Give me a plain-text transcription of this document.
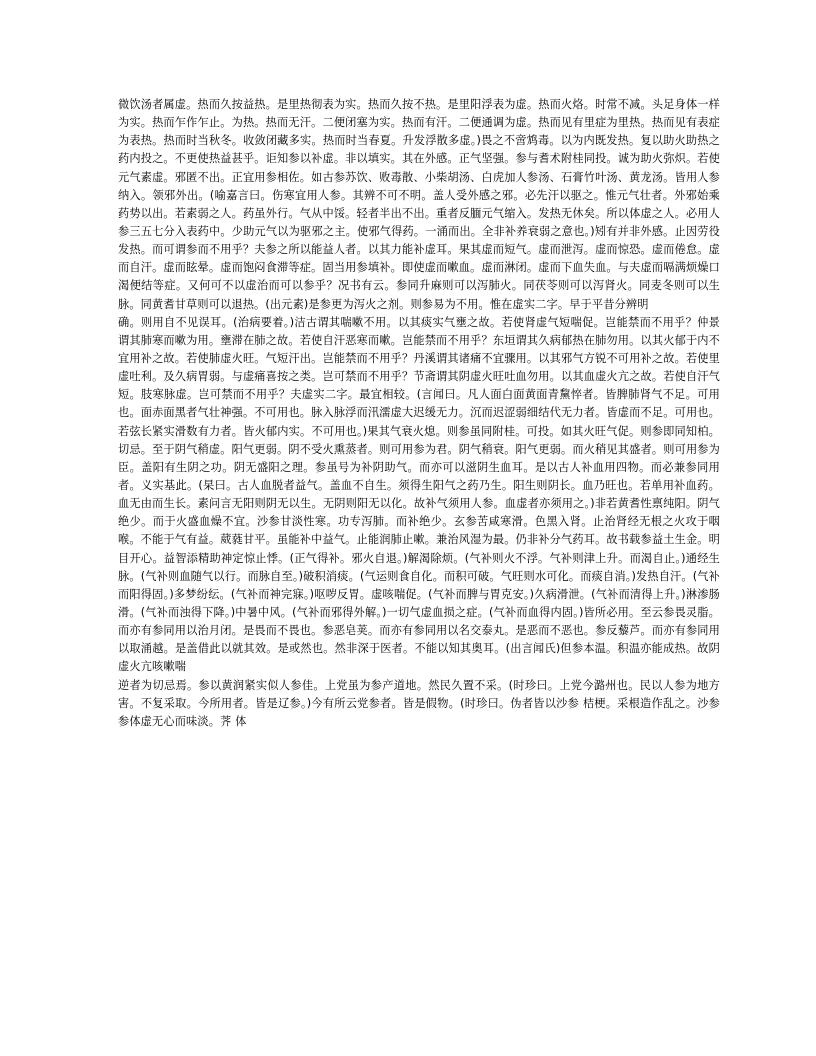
微饮汤者属虚。热而久按益热。是里热彻表为实。热而久按不热。是里阳浮表为虚。热而火烙。时常不减。头足身体一样为实。热而乍作乍止。为热。热而无汗。二便闭塞为实。热而有汗。二便通调为虚。热而见有里症为里热。热而见有表症为表热。热而时当秋冬。收敛闭藏多实。热而时当春夏。升发浮散多虚。)畏之不啻鸩毒。以为内既发热。复以助火助热之药内投之。不更使热益甚乎。讵知参以补虚。非以填实。其在外感。正气坚强。参与耆术附桂同投。诚为助火弥炽。若使元气素虚。邪匿不出。正宜用参相佐。如古参苏饮、败毒散、小柴胡汤、白虎加人参汤、石膏竹叶汤、黄龙汤。皆用人参纳入。领邪外出。(喻嘉言曰。伤寒宜用人参。其辨不可不明。盖人受外感之邪。必先汗以驱之。惟元气壮者。外邪始乘药势以出。若素弱之人。药虽外行。气从中馁。轻者半出不出。重者反腼元气缩入。发热无休矣。所以体虚之人。必用人参三五七分入表药中。少助元气以为驱邪之主。使邪气得药。一涌而出。全非补养衰弱之意也。)矧有并非外感。止因劳役发热。而可谓参而不用乎？夫参之所以能益人者。以其力能补虚耳。果其虚而短气。虚而泄泻。虚而惊恐。虚而倦怠。虚而自汗。虚而眩晕。虚而饱闷食滞等症。固当用参填补。即使虚而嗽血。虚而淋闭。虚而下血失血。与夫虚而嗝满烦燥口渴便结等症。又何可不以虚治而可以参乎？况书有云。参同升麻则可以泻肺火。同茯苓则可以泻肾火。同麦冬则可以生脉。同黄耆甘草则可以退热。(出元素)是参更为泻火之剂。则参易为不用。惟在虚实二字。早于平昔分辨明

确。则用自不见误耳。(治病要着。)洁古谓其喘嗽不用。以其痰实气壅之故。若使肾虚气短喘促。岂能禁而不用乎？仲景谓其肺寒而嗽为用。壅滞在肺之故。若使自汗恶寒而嗽。岂能禁而不用乎？东垣谓其久病郁热在肺勿用。以其火郁于内不宜用补之故。若使肺虚火旺。气短汗出。岂能禁而不用乎？丹溪谓其诸痛不宜骤用。以其邪气方锐不可用补之故。若使里虚吐利。及久病胃弱。与虚痛喜按之类。岂可禁而不用乎？节斋谓其阴虚火旺吐血勿用。以其血虚火亢之故。若使自汗气短。肢寒脉虚。岂可禁而不用乎？夫虚实二字。最宜相较。(言闻曰。凡人面白面黄面青黧悴者。皆脾肺肾气不足。可用也。面赤面黑者气壮神强。不可用也。脉入脉浮而汛濡虚大迟缓无力。沉而迟涩弱细结代无力者。皆虚而不足。可用也。若弦长紧实滑数有力者。皆火郁内实。不可用也。)果其气衰火熄。则参虽同附桂。可投。如其火旺气促。则参即同知柏。切忌。至于阴气稍虚。阳气更弱。阴不受火熏蒸者。则可用参为君。阴气稍衰。阳气更弱。而火稍见其盛者。则可用参为臣。盖阳有生阴之功。阴无盛阳之理。参虽号为补阴助气。而亦可以滋阴生血耳。是以古人补血用四物。而必兼参同用者。义实基此。(杲曰。古人血脱者益气。盖血不自生。须得生阳气之药乃生。阳生则阴长。血乃旺也。若单用补血药。血无由而生长。素问言无阳则阴无以生。无阴则阳无以化。故补气须用人参。血虚者亦须用之。)非若黄耆性禀纯阳。阴气绝少。而于火盛血燥不宜。沙参甘淡性寒。功专泻肺。而补绝少。玄参苦咸寒滑。色黑入肾。止治肾经无根之火攻于咽喉。不能于气有益。葳蕤甘平。虽能补中益气。止能润肺止嗽。兼治风湿为最。仍非补分气药耳。故书载参益土生金。明目开心。益智添精助神定惊止悸。(正气得补。邪火自退。)解渴除烦。(气补则火不浮。气补则津上升。而渴自止。)通经生脉。(气补则血随气以行。而脉自至。)破积消痰。(气运则食自化。而积可破。气旺则水可化。而痰自消。)发热自汗。(气补而阳得固。)多梦纷纭。(气补而神完寐。)呕哕反胃。虚咳喘促。(气补而脾与胃克安。)久病滑泄。(气补而清得上升。)淋渗肠滑。(气补而浊得下降。)中暑中风。(气补而邪得外解。)一切气虚血损之症。(气补而血得内固。)皆所必用。至云参畏灵脂。而亦有参同用以治月闭。是畏而不畏也。参恶皂荚。而亦有参同用以名交泰丸。是恶而不恶也。参反藜芦。而亦有参同用以取涌越。是盖借此以就其效。是或然也。然非深于医者。不能以知其奥耳。(出言闻氏)但参本温。积温亦能成热。故阴虚火亢咳嗽喘

逆者为切忌焉。参以黄润紧实似人参佳。上党虽为参产道地。然民久置不采。(时珍曰。上党今潞州也。民以人参为地方害。不复采取。今所用者。皆是辽参。)今有所云党参者。皆是假物。(时珍曰。伪者皆以沙参 桔梗。采根造作乱之。沙参参体虚无心而味淡。荠 体
